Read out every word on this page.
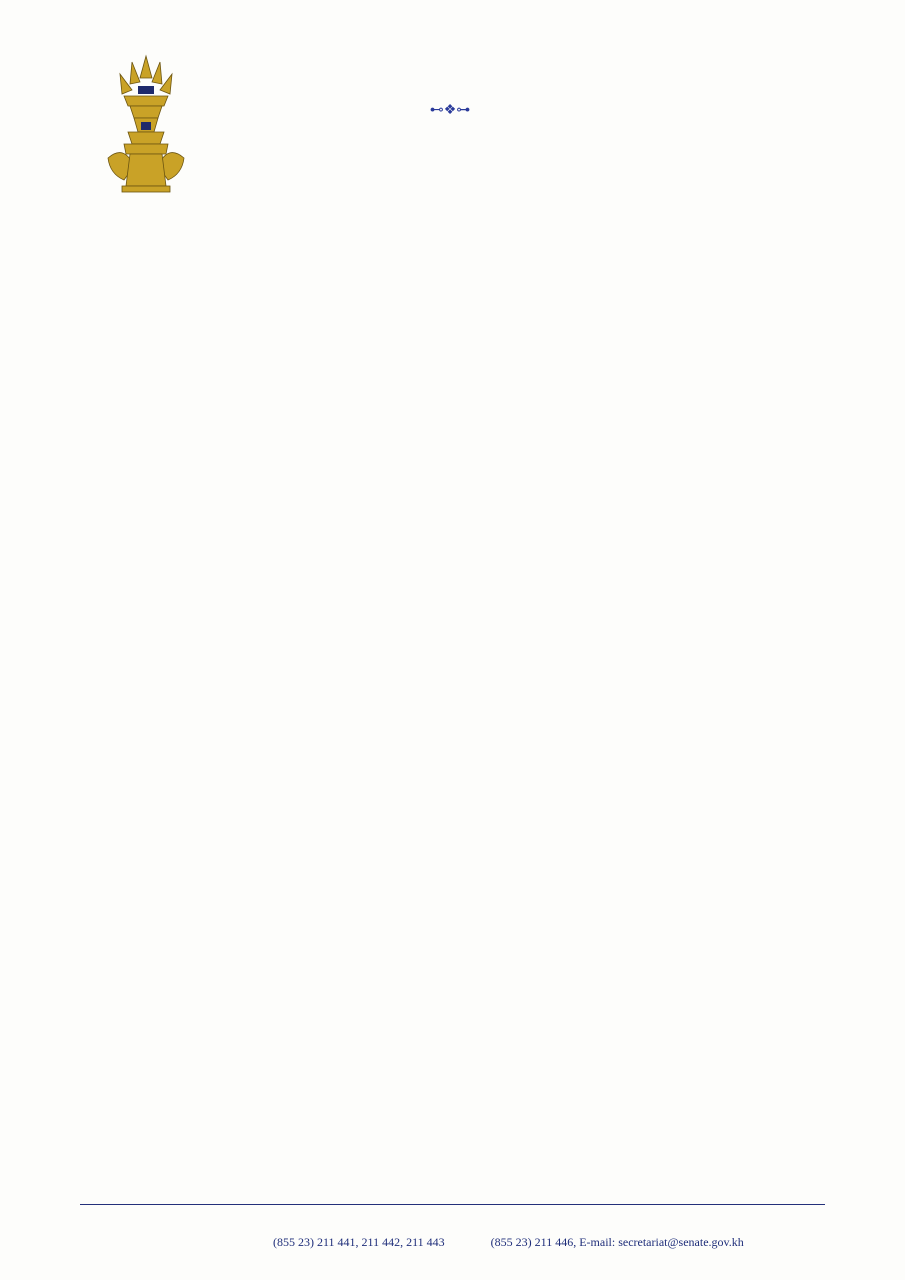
⊷❖⊶
(855 23) 211 441, 211 442, 211 443	(855 23) 211 446, E-mail: secretariat@senate.gov.kh
